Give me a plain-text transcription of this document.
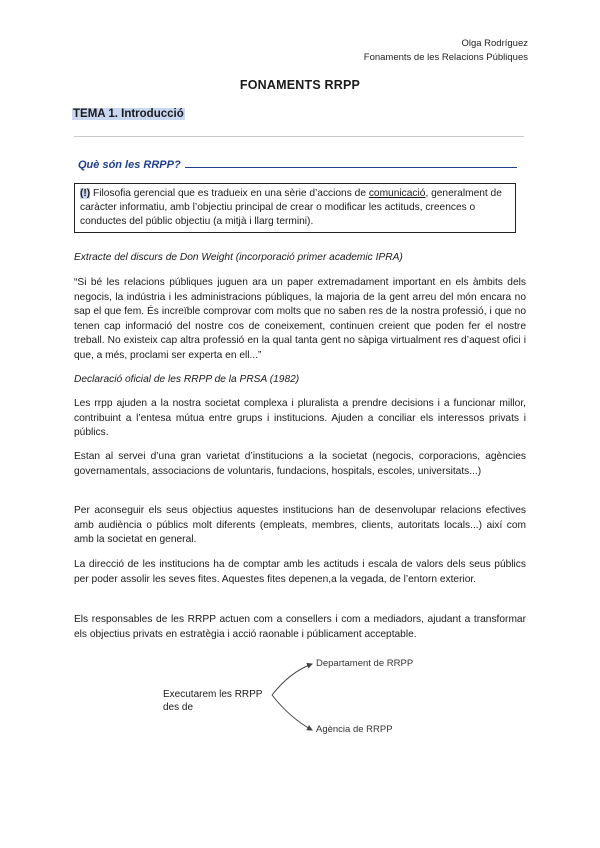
Olga Rodríguez
Fonaments de les Relacions Públiques
FONAMENTS RRPP
TEMA 1. Introducció
Què són les RRPP?
(!) Filosofia gerencial que es tradueix en una sèrie d’accions de comunicació, generalment de caràcter informatiu, amb l’objectiu principal de crear o modificar les actituds, creences o conductes del públic objectiu (a mitjà i llarg termini).
Extracte del discurs de Don Weight (incorporació primer academic IPRA)
“Si bé les relacions públiques juguen ara un paper extremadament important en els àmbits dels negocis, la indústria i les administracions públiques, la majoria de la gent arreu del món encara no sap el que fem. És increïble comprovar com molts que no saben res de la nostra professió, i que no tenen cap informació del nostre cos de coneixement, continuen creient que poden fer el nostre treball. No existeix cap altra professió en la qual tanta gent no sàpiga virtualment res d’aquest ofici i que, a més, proclami ser experta en ell...”
Declaració oficial de les RRPP de la PRSA (1982)
Les rrpp ajuden a la nostra societat complexa i pluralista a prendre decisions i a funcionar millor, contribuint a l’entesa mútua entre grups i institucions. Ajuden a conciliar els interessos privats i públics.
Estan al servei d’una gran varietat d’institucions a la societat (negocis, corporacions, agències governamentals, associacions de voluntaris, fundacions, hospitals, escoles, universitats...)
Per aconseguir els seus objectius aquestes institucions han de desenvolupar relacions efectives amb audiència o públics molt diferents (empleats, membres, clients, autoritats locals...) així com amb la societat en general.
La direcció de les institucions ha de comptar amb les actituds i escala de valors dels seus públics per poder assolir les seves fites. Aquestes fites depenen,a la vegada, de l’entorn exterior.
Els responsables de les RRPP actuen com a consellers i com a mediadors, ajudant a transformar els objectius privats en estratègia i acció raonable i públicament acceptable.
Executarem les RRPP des de
Departament de RRPP
Agència de RRPP
